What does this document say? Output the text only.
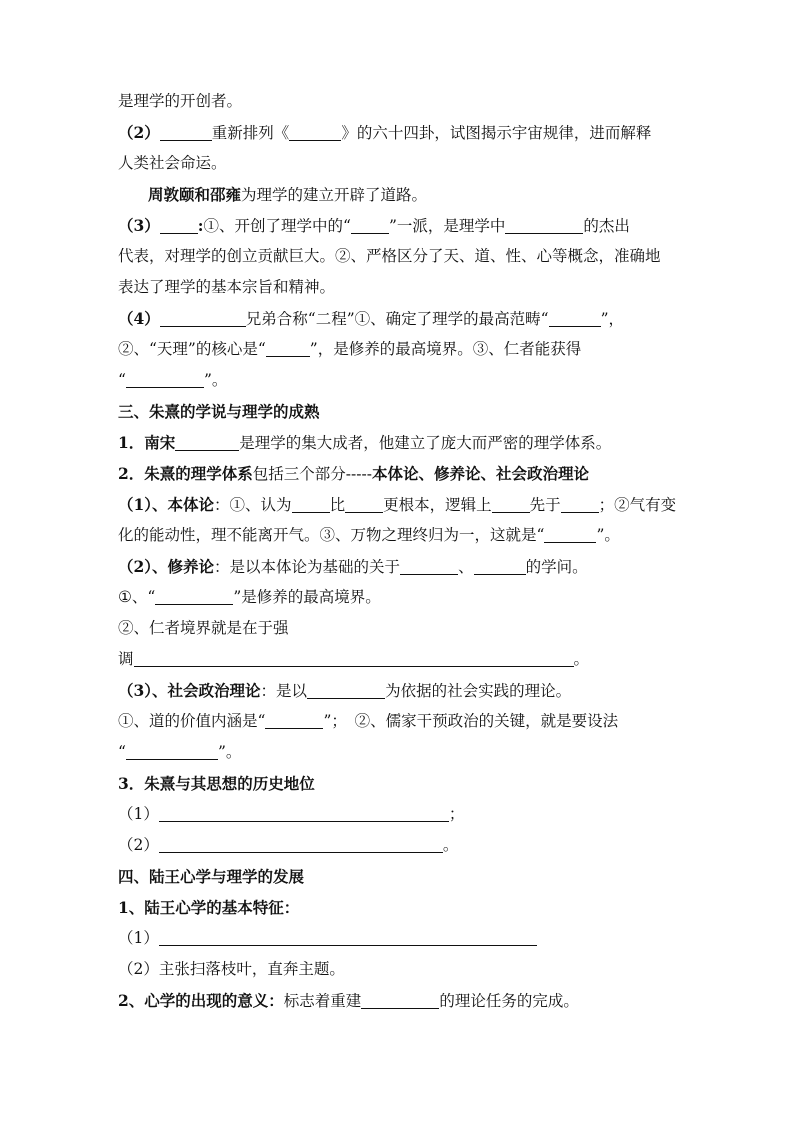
是理学的开创者。
（2）	重新排列《	》的六十四卦，试图揭示宇宙规律，进而解释
人类社会命运。
周敦颐和邵雍为理学的建立开辟了道路。
（3） :①、开创了理学中的“ ”一派，是理学中	的杰出
代表，对理学的创立贡献巨大。②、严格区分了天、道、性、心等概念，准确地
表达了理学的基本宗旨和精神。
（4）	兄弟合称“二程”①、确定了理学的最高范畴“	”，
②、“天理”的核心是“	”，是修养的最高境界。③、仁者能获得
“	”。
三、朱熹的学说与理学的成熟
1．南宋	是理学的集大成者，他建立了庞大而严密的理学体系。
2．朱熹的理学体系包括三个部分-----本体论、修养论、社会政治理论
（1）、本体论：①、认为 比 更根本，逻辑上 先于 ；②气有变
化的能动性，理不能离开气。③、万物之理终归为一，这就是“	”。
（2）、修养论：是以本体论为基础的关于	、	的学问。
①、“	”是修养的最高境界。
②、仁者境界就是在于强
调	。
（3）、社会政治理论：是以	为依据的社会实践的理论。
①、道的价值内涵是“	”；　②、儒家干预政治的关键，就是要设法
“	”。
3．朱熹与其思想的历史地位
（1）	；
（2）	。
四、陆王心学与理学的发展
1、陆王心学的基本特征：
（1）
（2）主张扫落枝叶，直奔主题。
2、心学的出现的意义：标志着重建	的理论任务的完成。
